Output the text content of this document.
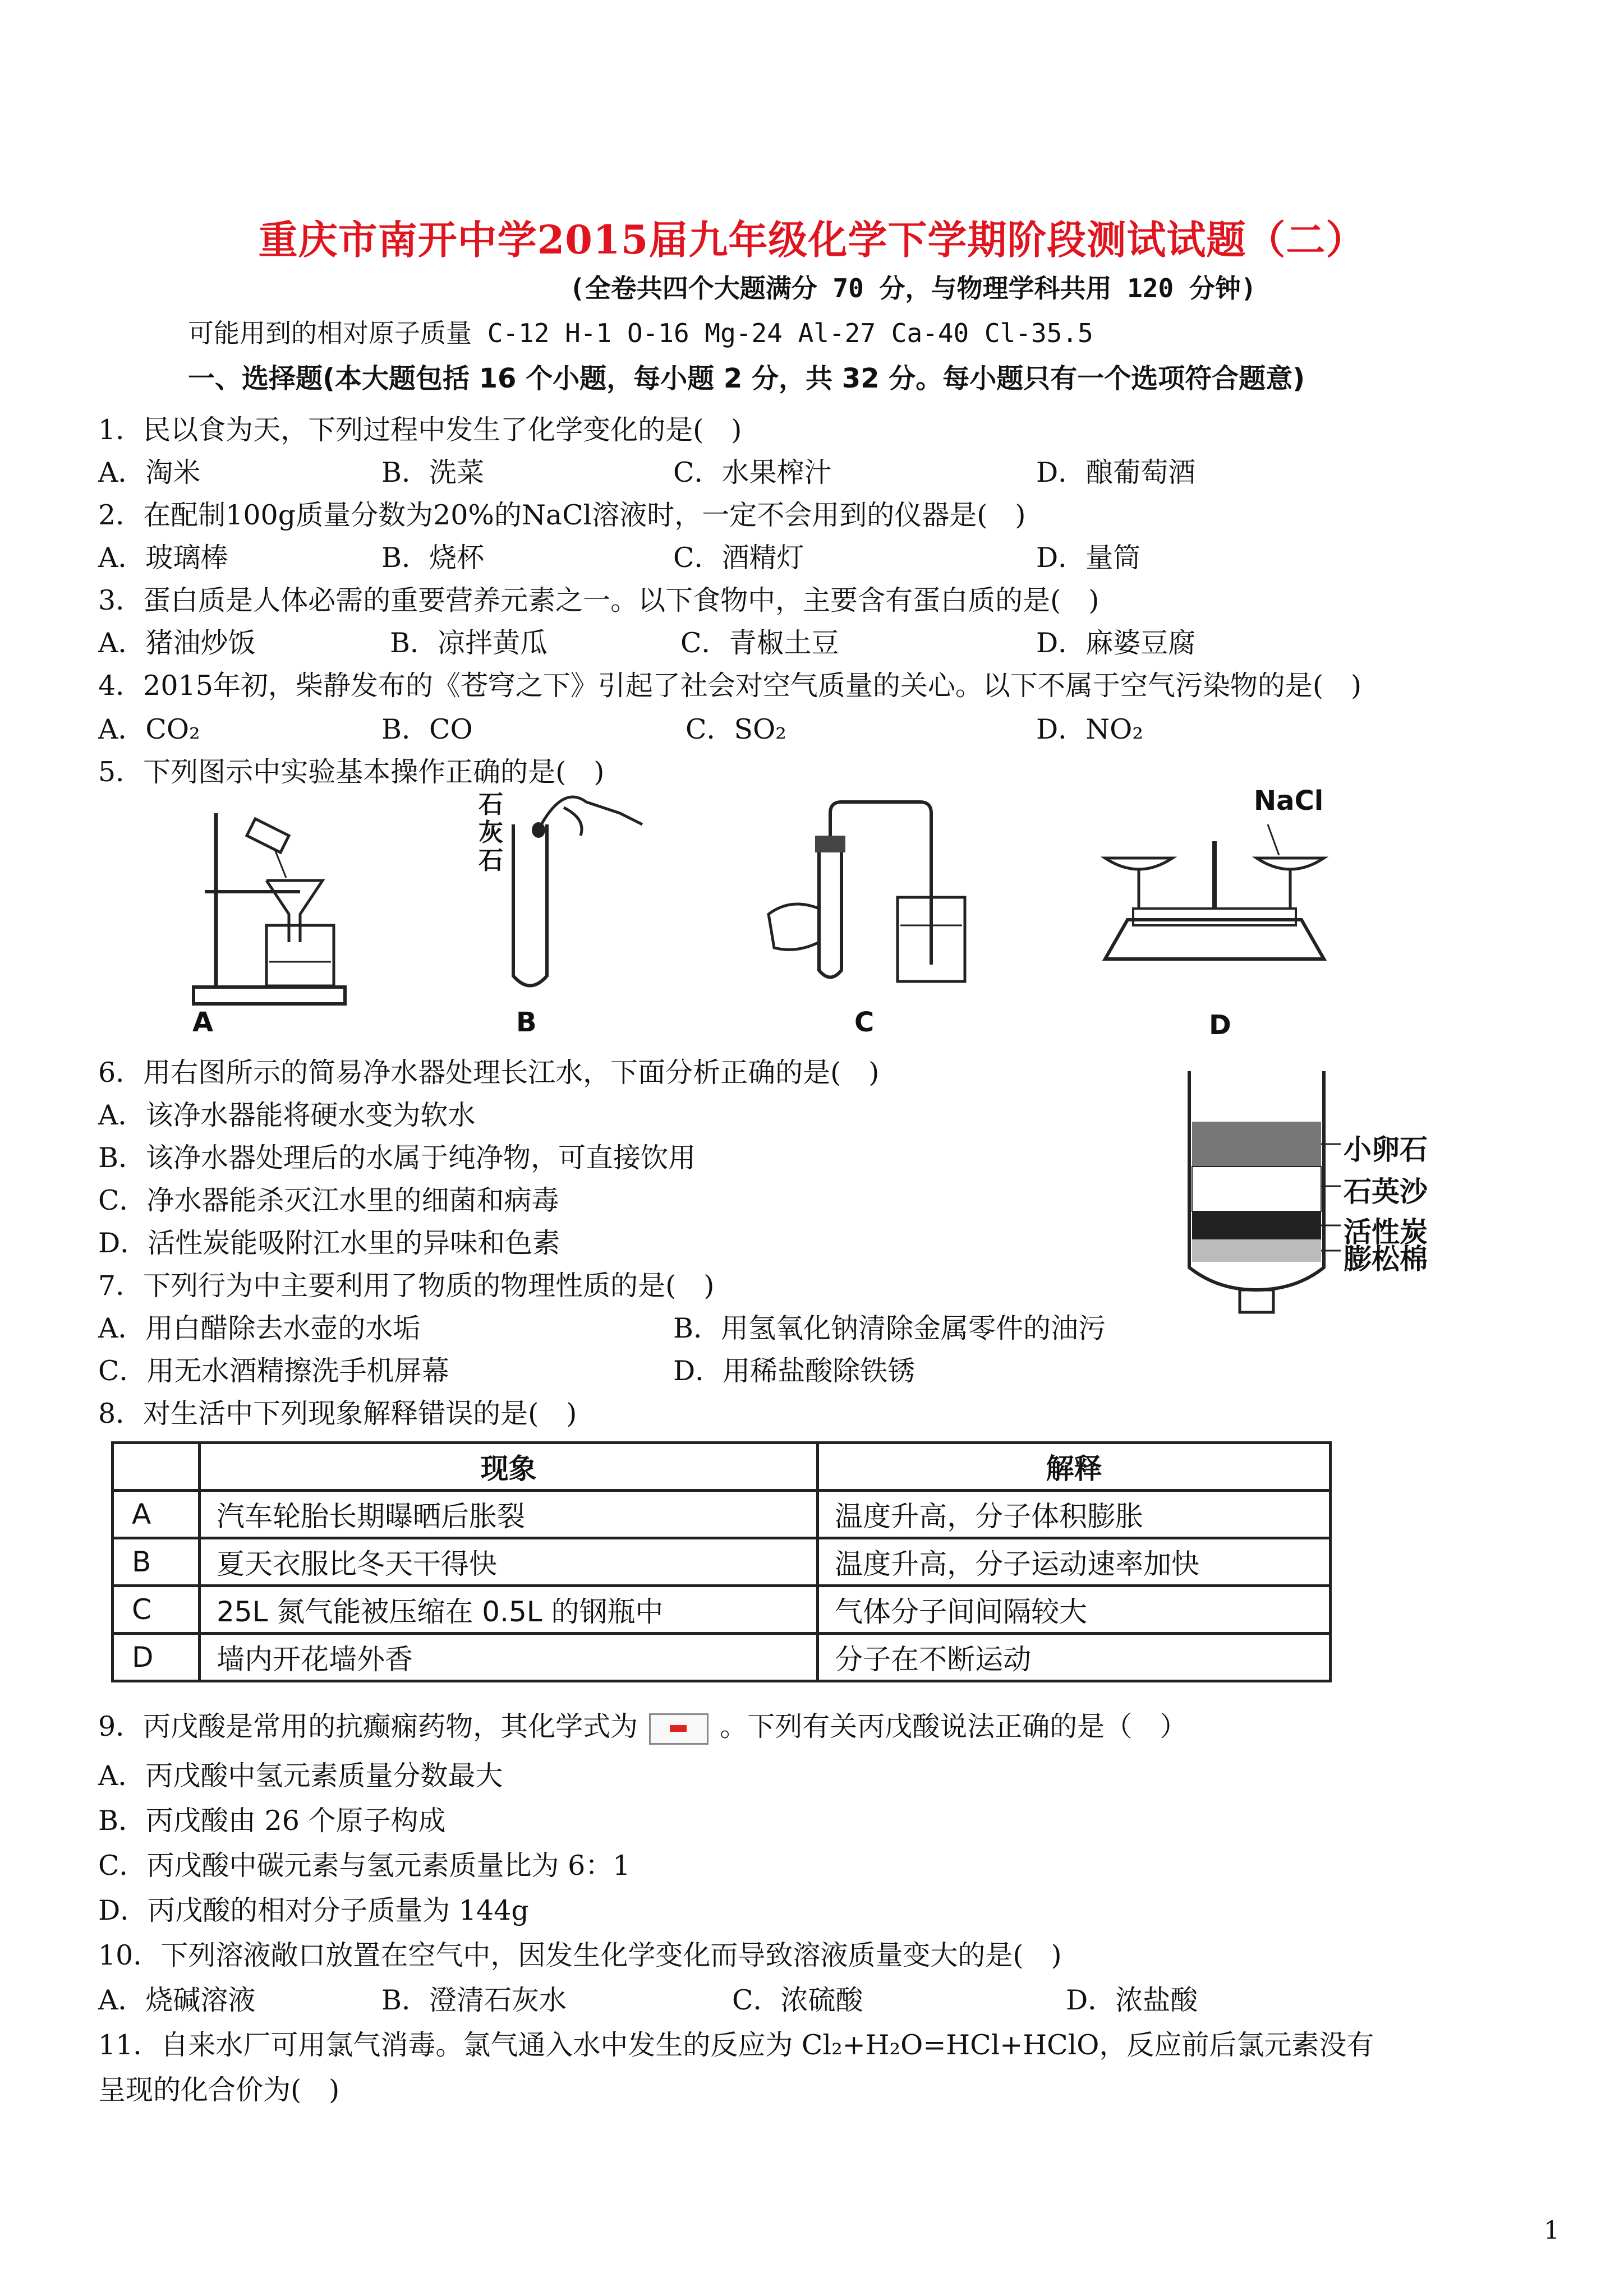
重庆市南开中学2015届九年级化学下学期阶段测试试题（二）
(全卷共四个大题满分 70 分，与物理学科共用 120 分钟)
可能用到的相对原子质量 C-12 H-1 O-16 Mg-24 Al-27 Ca-40 Cl-35.5
一、选择题(本大题包括 16 个小题，每小题 2 分，共 32 分。每小题只有一个选项符合题意)
1．民以食为天，下列过程中发生了化学变化的是(　)
A．淘米	B．洗菜	C．水果榨汁	D．酿葡萄酒
2．在配制100g质量分数为20%的NaCl溶液时，一定不会用到的仪器是(　)
A．玻璃棒	B．烧杯	C．酒精灯	D．量筒
3．蛋白质是人体必需的重要营养元素之一。以下食物中，主要含有蛋白质的是(　)
A．猪油炒饭	B．凉拌黄瓜	C．青椒土豆	D．麻婆豆腐
4．2015年初，柴静发布的《苍穹之下》引起了社会对空气质量的关心。以下不属于空气污染物的是(　)
A．CO₂	B．CO	C．SO₂	D．NO₂
5．下列图示中实验基本操作正确的是(　)
A
石
灰
石
B	C
NaCl
D
6．用右图所示的简易净水器处理长江水，下面分析正确的是(　)
A．该净水器能将硬水变为软水
B．该净水器处理后的水属于纯净物，可直接饮用
C．净水器能杀灭江水里的细菌和病毒
D．活性炭能吸附江水里的异味和色素
小卵石
石英沙
活性炭
膨松棉
7．下列行为中主要利用了物质的物理性质的是(　)
A．用白醋除去水壶的水垢	B．用氢氧化钠清除金属零件的油污
C．用无水酒精擦洗手机屏幕	D．用稀盐酸除铁锈
8．对生活中下列现象解释错误的是(　)
	现象	解释
A	汽车轮胎长期曝晒后胀裂	温度升高，分子体积膨胀
B	夏天衣服比冬天干得快	温度升高，分子运动速率加快
C	25L 氮气能被压缩在 0.5L 的钢瓶中	气体分子间间隔较大
D	墙内开花墙外香	分子在不断运动
9．丙戊酸是常用的抗癫痫药物，其化学式为	。下列有关丙戊酸说法正确的是（　）
A．丙戊酸中氢元素质量分数最大
B．丙戊酸由 26 个原子构成
C．丙戊酸中碳元素与氢元素质量比为 6：1
D．丙戊酸的相对分子质量为 144g
10．下列溶液敞口放置在空气中，因发生化学变化而导致溶液质量变大的是(　)
A．烧碱溶液	B．澄清石灰水	C．浓硫酸	D．浓盐酸
11．自来水厂可用氯气消毒。氯气通入水中发生的反应为 Cl₂+H₂O=HCl+HClO，反应前后氯元素没有
呈现的化合价为(　)
1
